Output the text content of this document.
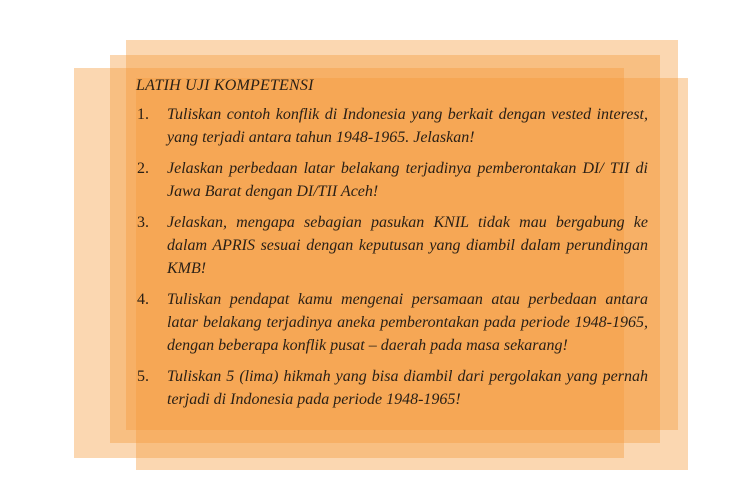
LATIH UJI KOMPETENSI
1. Tuliskan contoh konflik di Indonesia yang berkait dengan vested interest, yang terjadi antara tahun 1948-1965. Jelaskan!
2. Jelaskan perbedaan latar belakang terjadinya pemberontakan DI/ TII di Jawa Barat dengan DI/TII Aceh!
3. Jelaskan, mengapa sebagian pasukan KNIL tidak mau bergabung ke dalam APRIS sesuai dengan keputusan yang diambil dalam perundingan KMB!
4. Tuliskan pendapat kamu mengenai persamaan atau perbedaan antara latar belakang terjadinya aneka pemberontakan pada periode 1948-1965, dengan beberapa konflik pusat – daerah pada masa sekarang!
5. Tuliskan 5 (lima) hikmah yang bisa diambil dari pergolakan yang pernah terjadi di Indonesia pada periode 1948-1965!
